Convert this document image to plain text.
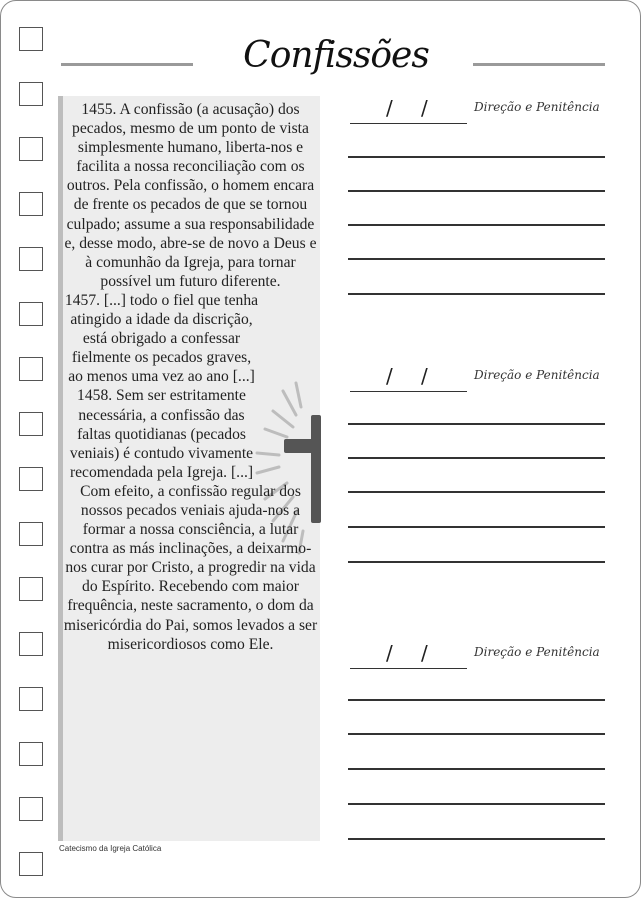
Confissões

1455. A confissão (a acusação) dos pecados, mesmo de um ponto de vista simplesmente humano, liberta-nos e facilita a nossa reconciliação com os outros. Pela confissão, o homem encara de frente os pecados de que se tornou culpado; assume a sua responsabilidade e, desse modo, abre-se de novo a Deus e à comunhão da Igreja, para tornar possível um futuro diferente.

1457. [...] todo o fiel que tenha atingido a idade da discrição, está obrigado a confessar fielmente os pecados graves, ao menos uma vez ao ano [...]

1458. Sem ser estritamente necessária, a confissão das faltas quotidianas (pecados veniais) é contudo vivamente recomendada pela Igreja. [...]

Com efeito, a confissão regular dos nossos pecados veniais ajuda-nos a formar a nossa consciência, a lutar contra as más inclinações, a deixarmo-nos curar por Cristo, a progredir na vida do Espírito. Recebendo com maior frequência, neste sacramento, o dom da misericórdia do Pai, somos levados a ser misericordiosos como Ele.

Catecismo da Igreja Católica
/ /	Direção e Penitência
/ /	Direção e Penitência
/ /	Direção e Penitência
